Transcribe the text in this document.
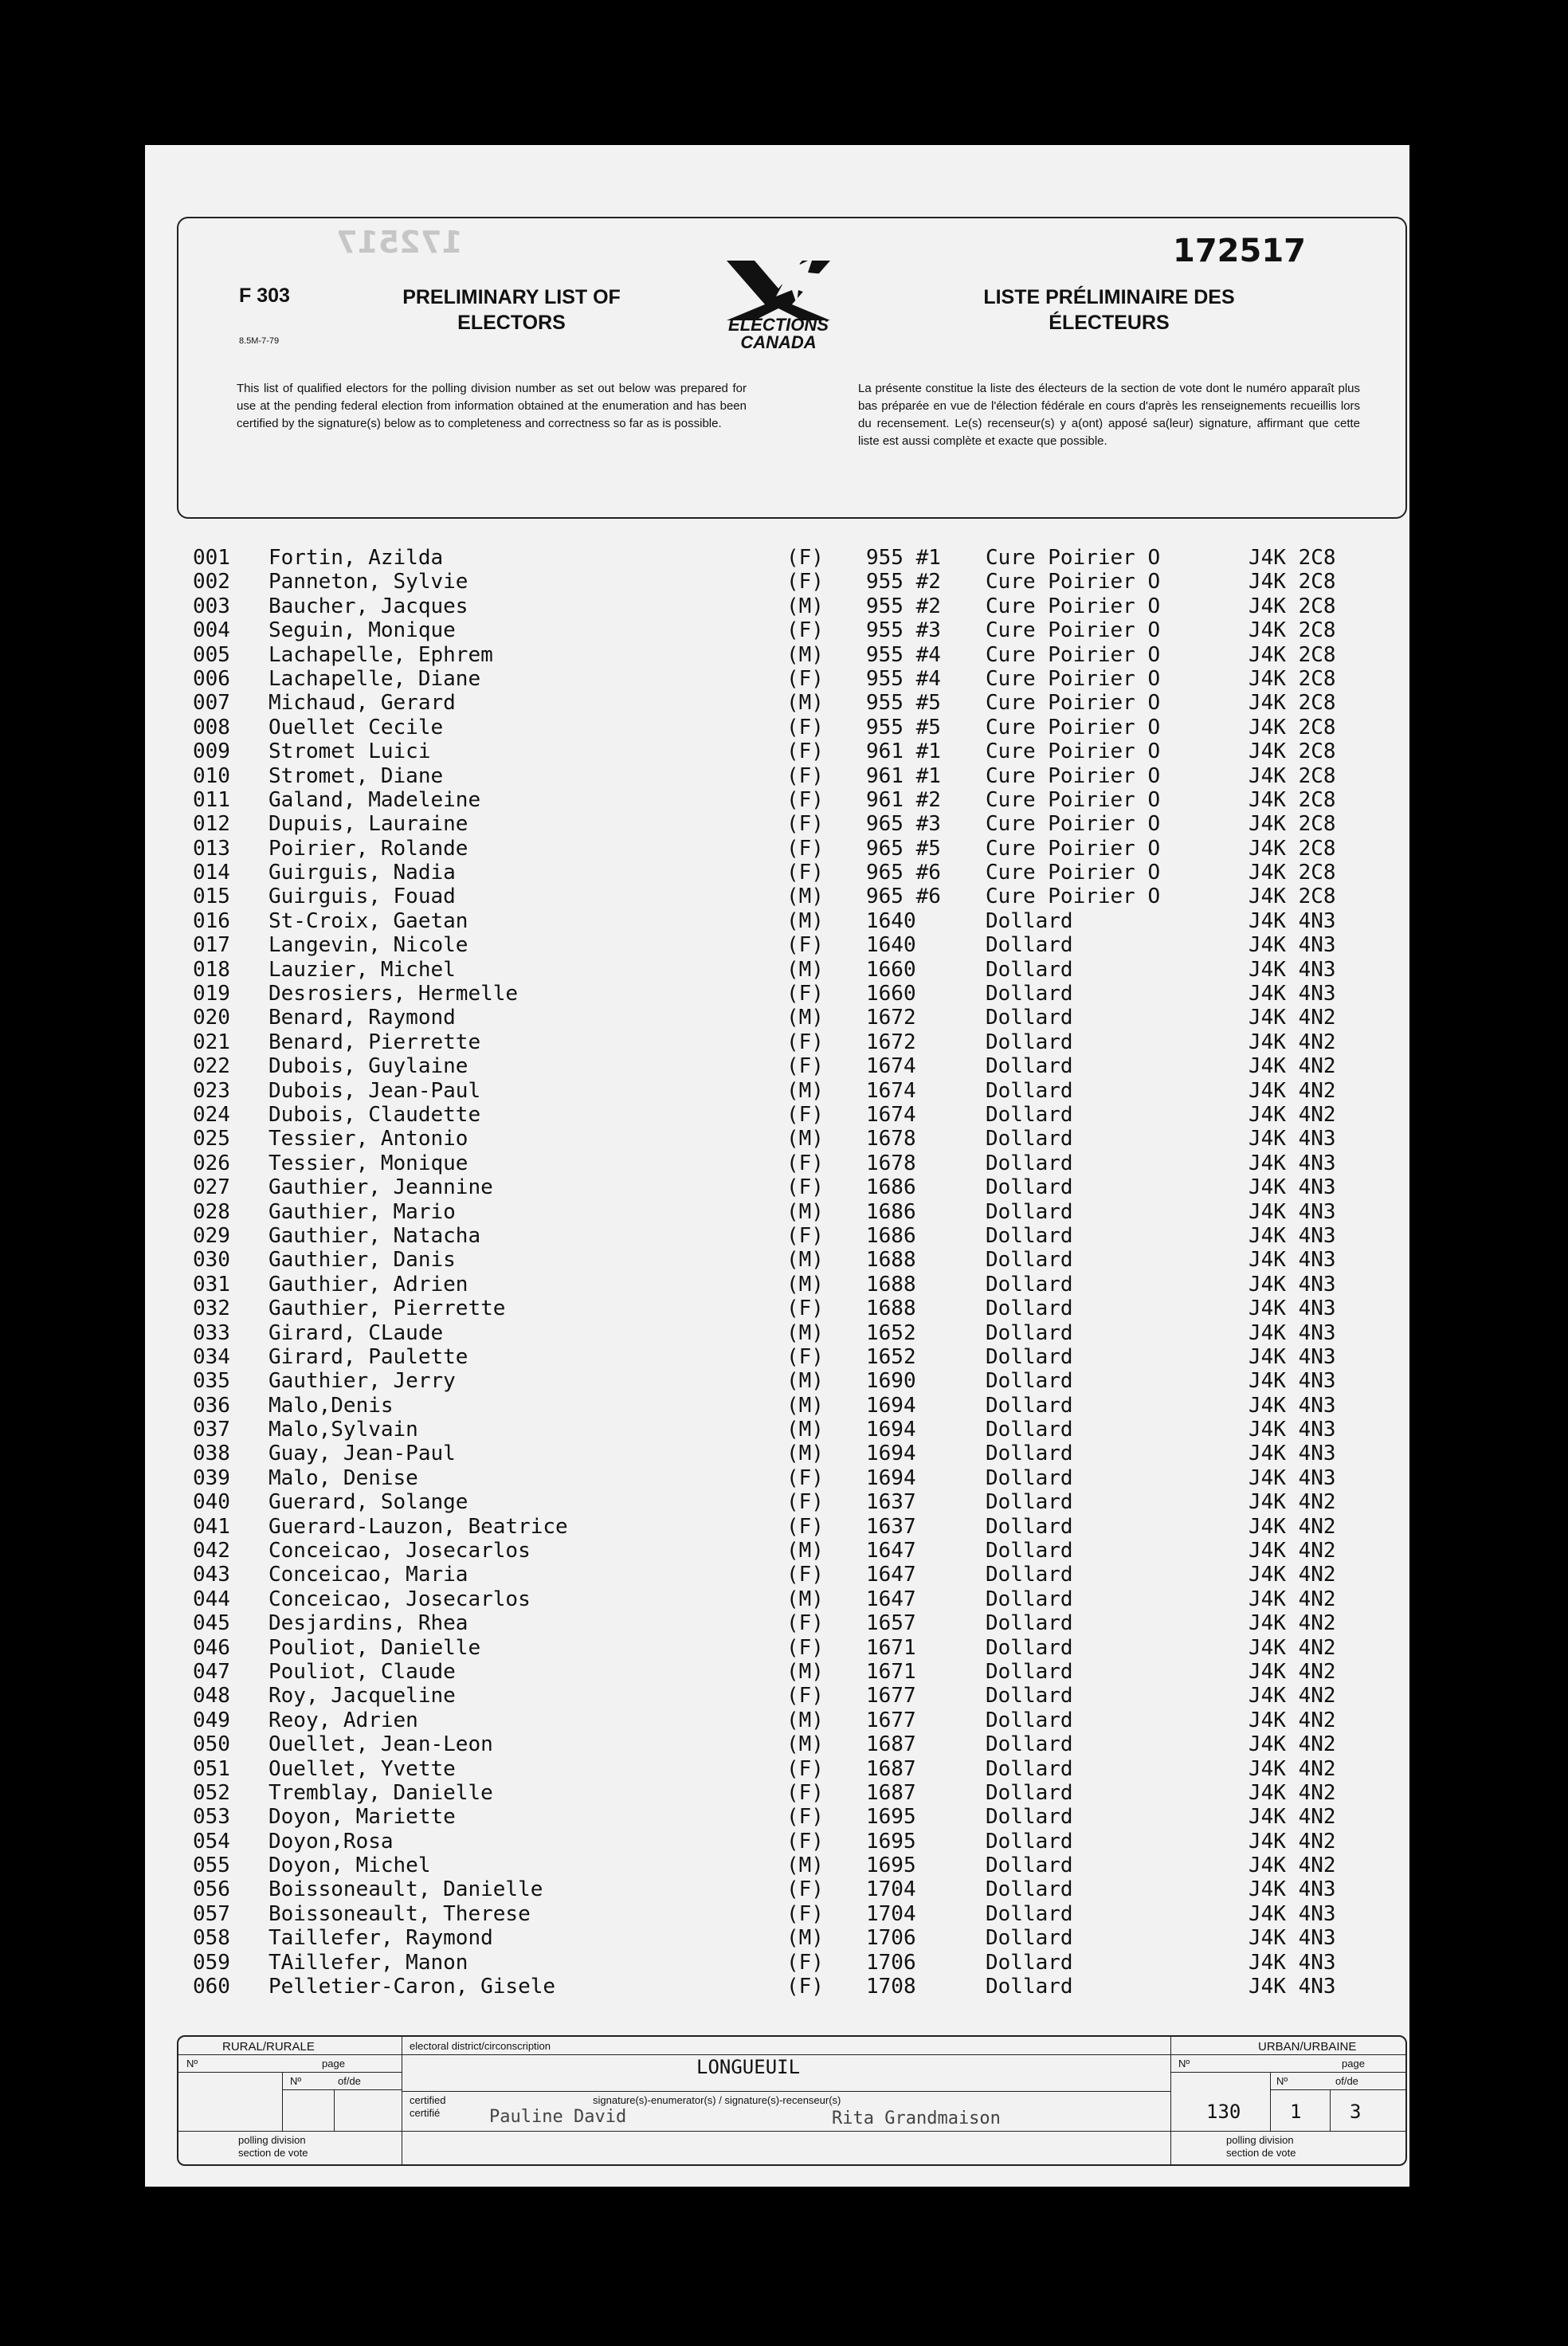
172517	172517
F 303
8.5M-7-79
PRELIMINARY LIST OF
ELECTORS
LISTE PRÉLIMINAIRE DES
ÉLECTEURS
ELECTIONS
CANADA
This list of qualified electors for the polling division number as set out below was prepared for use at the pending federal election from information obtained at the enumeration and has been certified by the signature(s) below as to completeness and correctness so far as is possible.
La présente constitue la liste des électeurs de la section de vote dont le numéro apparaît plus bas préparée en vue de l'élection fédérale en cours d'après les renseignements recueillis lors du recensement. Le(s) recenseur(s) y a(ont) apposé sa(leur) signature, affirmant que cette liste est aussi complète et exacte que possible.
001	Fortin, Azilda	(F)	955 #1	Cure Poirier O	J4K 2C8
002	Panneton, Sylvie	(F)	955 #2	Cure Poirier O	J4K 2C8
003	Baucher, Jacques	(M)	955 #2	Cure Poirier O	J4K 2C8
004	Seguin, Monique	(F)	955 #3	Cure Poirier O	J4K 2C8
005	Lachapelle, Ephrem	(M)	955 #4	Cure Poirier O	J4K 2C8
006	Lachapelle, Diane	(F)	955 #4	Cure Poirier O	J4K 2C8
007	Michaud, Gerard	(M)	955 #5	Cure Poirier O	J4K 2C8
008	Ouellet Cecile	(F)	955 #5	Cure Poirier O	J4K 2C8
009	Stromet Luici	(F)	961 #1	Cure Poirier O	J4K 2C8
010	Stromet, Diane	(F)	961 #1	Cure Poirier O	J4K 2C8
011	Galand, Madeleine	(F)	961 #2	Cure Poirier O	J4K 2C8
012	Dupuis, Lauraine	(F)	965 #3	Cure Poirier O	J4K 2C8
013	Poirier, Rolande	(F)	965 #5	Cure Poirier O	J4K 2C8
014	Guirguis, Nadia	(F)	965 #6	Cure Poirier O	J4K 2C8
015	Guirguis, Fouad	(M)	965 #6	Cure Poirier O	J4K 2C8
016	St-Croix, Gaetan	(M)	1640	Dollard	J4K 4N3
017	Langevin, Nicole	(F)	1640	Dollard	J4K 4N3
018	Lauzier, Michel	(M)	1660	Dollard	J4K 4N3
019	Desrosiers, Hermelle	(F)	1660	Dollard	J4K 4N3
020	Benard, Raymond	(M)	1672	Dollard	J4K 4N2
021	Benard, Pierrette	(F)	1672	Dollard	J4K 4N2
022	Dubois, Guylaine	(F)	1674	Dollard	J4K 4N2
023	Dubois, Jean-Paul	(M)	1674	Dollard	J4K 4N2
024	Dubois, Claudette	(F)	1674	Dollard	J4K 4N2
025	Tessier, Antonio	(M)	1678	Dollard	J4K 4N3
026	Tessier, Monique	(F)	1678	Dollard	J4K 4N3
027	Gauthier, Jeannine	(F)	1686	Dollard	J4K 4N3
028	Gauthier, Mario	(M)	1686	Dollard	J4K 4N3
029	Gauthier, Natacha	(F)	1686	Dollard	J4K 4N3
030	Gauthier, Danis	(M)	1688	Dollard	J4K 4N3
031	Gauthier, Adrien	(M)	1688	Dollard	J4K 4N3
032	Gauthier, Pierrette	(F)	1688	Dollard	J4K 4N3
033	Girard, CLaude	(M)	1652	Dollard	J4K 4N3
034	Girard, Paulette	(F)	1652	Dollard	J4K 4N3
035	Gauthier, Jerry	(M)	1690	Dollard	J4K 4N3
036	Malo,Denis	(M)	1694	Dollard	J4K 4N3
037	Malo,Sylvain	(M)	1694	Dollard	J4K 4N3
038	Guay, Jean-Paul	(M)	1694	Dollard	J4K 4N3
039	Malo, Denise	(F)	1694	Dollard	J4K 4N3
040	Guerard, Solange	(F)	1637	Dollard	J4K 4N2
041	Guerard-Lauzon, Beatrice	(F)	1637	Dollard	J4K 4N2
042	Conceicao, Josecarlos	(M)	1647	Dollard	J4K 4N2
043	Conceicao, Maria	(F)	1647	Dollard	J4K 4N2
044	Conceicao, Josecarlos	(M)	1647	Dollard	J4K 4N2
045	Desjardins, Rhea	(F)	1657	Dollard	J4K 4N2
046	Pouliot, Danielle	(F)	1671	Dollard	J4K 4N2
047	Pouliot, Claude	(M)	1671	Dollard	J4K 4N2
048	Roy, Jacqueline	(F)	1677	Dollard	J4K 4N2
049	Reoy, Adrien	(M)	1677	Dollard	J4K 4N2
050	Ouellet, Jean-Leon	(M)	1687	Dollard	J4K 4N2
051	Ouellet, Yvette	(F)	1687	Dollard	J4K 4N2
052	Tremblay, Danielle	(F)	1687	Dollard	J4K 4N2
053	Doyon, Mariette	(F)	1695	Dollard	J4K 4N2
054	Doyon,Rosa	(F)	1695	Dollard	J4K 4N2
055	Doyon, Michel	(M)	1695	Dollard	J4K 4N2
056	Boissoneault, Danielle	(F)	1704	Dollard	J4K 4N3
057	Boissoneault, Therese	(F)	1704	Dollard	J4K 4N3
058	Taillefer, Raymond	(M)	1706	Dollard	J4K 4N3
059	TAillefer, Manon	(F)	1706	Dollard	J4K 4N3
060	Pelletier-Caron, Gisele	(F)	1708	Dollard	J4K 4N3
RURAL/RURALE	electoral district/circonscription
LONGUEUIL
URBAN/URBAINE
Nº	page
Nº	of/de
certified
certifié
signature(s)-enumerator(s) / signature(s)-recenseur(s)
Pauline David	Rita Grandmaison
polling division
section de vote
Nº	page
Nº	of/de
130	1	3
polling division
section de vote
